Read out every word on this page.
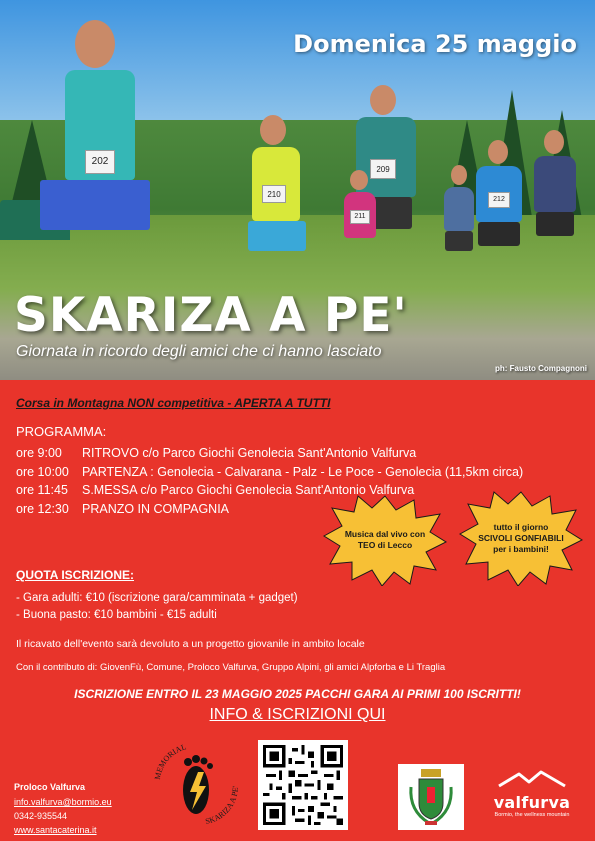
202
210
209
211
212
Domenica 25 maggio
SKARIZA A PE'
Giornata in ricordo degli amici che ci hanno lasciato
ph: Fausto Compagnoni
Corsa in Montagna NON competitiva - APERTA A TUTTI
PROGRAMMA:
ore 9:00	RITROVO c/o Parco Giochi Genolecia Sant'Antonio Valfurva
ore 10:00	PARTENZA : Genolecia - Calvarana - Palz - Le Poce - Genolecia (11,5km circa)
ore 11:45	S.MESSA c/o Parco Giochi Genolecia Sant'Antonio Valfurva
ore 12:30	PRANZO IN COMPAGNIA
Musica dal vivo con
TEO di Lecco
tutto il giorno
SCIVOLI GONFIABILI
per i bambini!
QUOTA ISCRIZIONE:
- Gara adulti: €10 (iscrizione gara/camminata + gadget)
- Buona pasto: €10 bambini - €15 adulti
Il ricavato dell'evento sarà devoluto a un progetto giovanile in ambito locale
Con il contributo di: GiovenFù, Comune, Proloco Valfurva, Gruppo Alpini, gli amici Alpforba e Li Traglia
ISCRIZIONE ENTRO IL 23 MAGGIO 2025 PACCHI GARA AI PRIMI 100 ISCRITTI!
INFO & ISCRIZIONI QUI
Proloco Valfurva
info.valfurva@bormio.eu
0342-935544
www.santacaterina.it
MEMORIAL
SKARIZA A PE'
valfurva
Bormio, the wellness mountain
